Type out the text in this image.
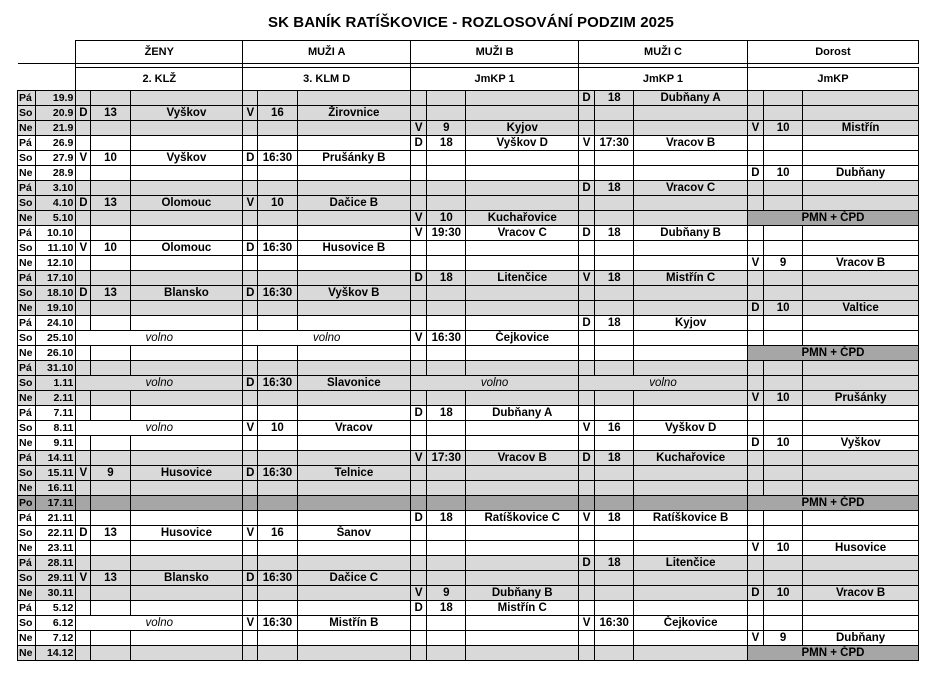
SK BANÍK RATÍŠKOVICE - ROZLOSOVÁNÍ PODZIM 2025
		ŽENY			MUŽI A			MUŽI B			MUŽI C			Dorost		

		2. KLŽ			3. KLM D			JmKP 1			JmKP 1			JmKP		
Pá	19.9										D	18	Dubňany A			
So	20.9	D	13	Vyškov	V	16	Žirovnice									
Ne	21.9							V	9	Kyjov				V	10	Mistřín
Pá	26.9							D	18	Vyškov D	V	17:30	Vracov B			
So	27.9	V	10	Vyškov	D	16:30	Prušánky B									
Ne	28.9													D	10	Dubňany
Pá	3.10										D	18	Vracov C			
So	4.10	D	13	Olomouc	V	10	Dačice B									
Ne	5.10							V	10	Kuchařovice				PMN + ČPD		
Pá	10.10							V	19:30	Vracov C	D	18	Dubňany B			
So	11.10	V	10	Olomouc	D	16:30	Husovice B									
Ne	12.10													V	9	Vracov B
Pá	17.10							D	18	Litenčice	V	18	Mistřín C			
So	18.10	D	13	Blansko	D	16:30	Vyškov B									
Ne	19.10													D	10	Valtice
Pá	24.10										D	18	Kyjov			
So	25.10	volno			volno			V	16:30	Čejkovice						
Ne	26.10													PMN + ČPD		
Pá	31.10															
So	1.11	volno			D	16:30	Slavonice	volno			volno					
Ne	2.11													V	10	Prušánky
Pá	7.11							D	18	Dubňany A						
So	8.11	volno			V	10	Vracov				V	16	Vyškov D			
Ne	9.11													D	10	Vyškov
Pá	14.11							V	17:30	Vracov B	D	18	Kuchařovice			
So	15.11	V	9	Husovice	D	16:30	Telnice									
Ne	16.11															
Po	17.11													PMN + ČPD		
Pá	21.11							D	18	Ratíškovice C	V	18	Ratíškovice B			
So	22.11	D	13	Husovice	V	16	Šanov									
Ne	23.11													V	10	Husovice
Pá	28.11										D	18	Litenčice			
So	29.11	V	13	Blansko	D	16:30	Dačice C									
Ne	30.11							V	9	Dubňany B				D	10	Vracov B
Pá	5.12							D	18	Mistřín C						
So	6.12	volno			V	16:30	Mistřín B				V	16:30	Čejkovice			
Ne	7.12													V	9	Dubňany
Ne	14.12													PMN + ČPD		
